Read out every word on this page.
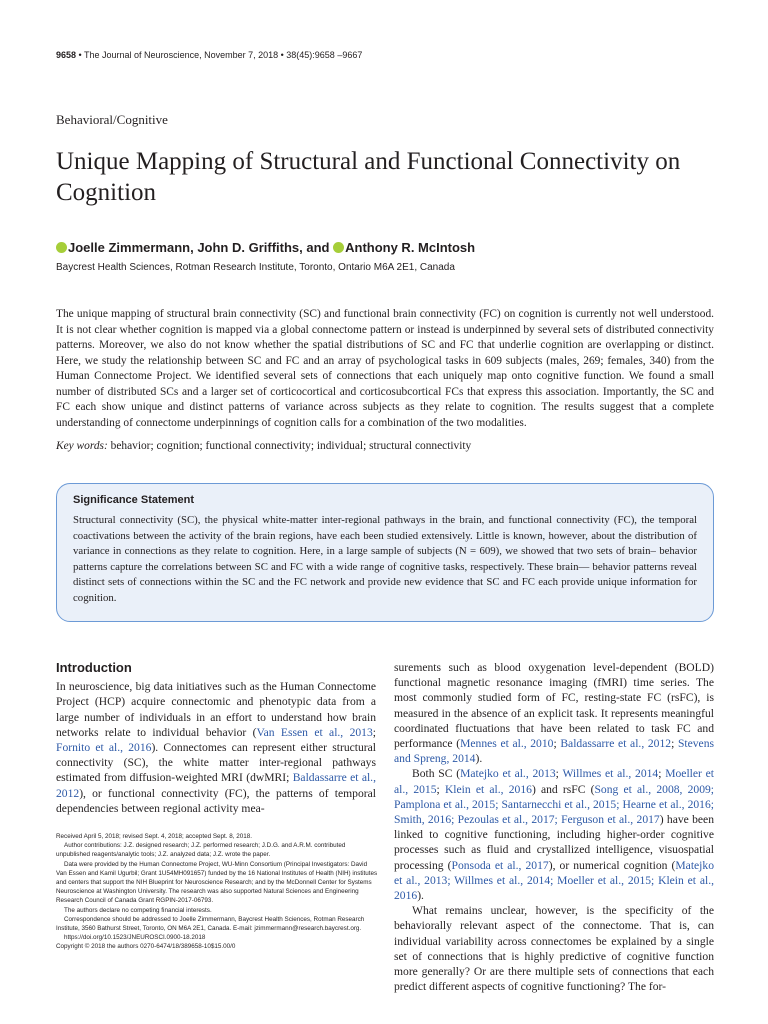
9658 • The Journal of Neuroscience, November 7, 2018 • 38(45):9658 –9667
Behavioral/Cognitive
Unique Mapping of Structural and Functional Connectivity on Cognition
Joelle Zimmermann, John D. Griffiths, and Anthony R. McIntosh
Baycrest Health Sciences, Rotman Research Institute, Toronto, Ontario M6A 2E1, Canada

The unique mapping of structural brain connectivity (SC) and functional brain connectivity (FC) on cognition is currently not well understood. It is not clear whether cognition is mapped via a global connectome pattern or instead is underpinned by several sets of distributed connectivity patterns. Moreover, we also do not know whether the spatial distributions of SC and FC that underlie cognition are overlapping or distinct. Here, we study the relationship between SC and FC and an array of psychological tasks in 609 subjects (males, 269; females, 340) from the Human Connectome Project. We identified several sets of connections that each uniquely map onto cognitive function. We found a small number of distributed SCs and a larger set of corticocortical and corticosubcortical FCs that express this association. Importantly, the SC and FC each show unique and distinct patterns of variance across subjects as they relate to cognition. The results suggest that a complete understanding of connectome underpinnings of cognition calls for a combination of the two modalities.

Key words: behavior; cognition; functional connectivity; individual; structural connectivity
Significance Statement

Structural connectivity (SC), the physical white-matter inter-regional pathways in the brain, and functional connectivity (FC), the temporal coactivations between the activity of the brain regions, have each been studied extensively. Little is known, however, about the distribution of variance in connections as they relate to cognition. Here, in a large sample of subjects (N = 609), we showed that two sets of brain– behavior patterns capture the correlations between SC and FC with a wide range of cognitive tasks, respectively. These brain— behavior patterns reveal distinct sets of connections within the SC and the FC network and provide new evidence that SC and FC each provide unique information for cognition.

Introduction

In neuroscience, big data initiatives such as the Human Connectome Project (HCP) acquire connectomic and phenotypic data from a large number of individuals in an effort to understand how brain networks relate to individual behavior (Van Essen et al., 2013; Fornito et al., 2016). Connectomes can represent either structural connectivity (SC), the white matter inter-regional pathways estimated from diffusion-weighted MRI (dwMRI; Baldassarre et al., 2012), or functional connectivity (FC), the patterns of temporal dependencies between regional activity mea-

surements such as blood oxygenation level-dependent (BOLD) functional magnetic resonance imaging (fMRI) time series. The most commonly studied form of FC, resting-state FC (rsFC), is measured in the absence of an explicit task. It represents meaningful coordinated fluctuations that have been related to task FC and performance (Mennes et al., 2010; Baldassarre et al., 2012; Stevens and Spreng, 2014).

Both SC (Matejko et al., 2013; Willmes et al., 2014; Moeller et al., 2015; Klein et al., 2016) and rsFC (Song et al., 2008, 2009; Pamplona et al., 2015; Santarnecchi et al., 2015; Hearne et al., 2016; Smith, 2016; Pezoulas et al., 2017; Ferguson et al., 2017) have been linked to cognitive functioning, including higher-order cognitive processes such as fluid and crystallized intelligence, visuospatial processing (Ponsoda et al., 2017), or numerical cognition (Matejko et al., 2013; Willmes et al., 2014; Moeller et al., 2015; Klein et al., 2016).

What remains unclear, however, is the specificity of the behaviorally relevant aspect of the connectome. That is, can individual variability across connectomes be explained by a single set of connections that is highly predictive of cognitive function more generally? Or are there multiple sets of connections that each predict different aspects of cognitive functioning? The for-

Received April 5, 2018; revised Sept. 4, 2018; accepted Sept. 8, 2018.

Author contributions: J.Z. designed research; J.Z. performed research; J.D.G. and A.R.M. contributed unpublished reagents/analytic tools; J.Z. analyzed data; J.Z. wrote the paper.

Data were provided by the Human Connectome Project, WU-Minn Consortium (Principal Investigators: David Van Essen and Kamil Ugurbil; Grant 1U54MH091657) funded by the 16 National Institutes of Health (NIH) institutes and centers that support the NIH Blueprint for Neuroscience Research; and by the McDonnell Center for Systems Neuroscience at Washington University. The research was also supported Natural Sciences and Engineering Research Council of Canada Grant RGPIN-2017-06793.

The authors declare no competing financial interests.

Correspondence should be addressed to Joelle Zimmermann, Baycrest Health Sciences, Rotman Research Institute, 3560 Bathurst Street, Toronto, ON M6A 2E1, Canada. E-mail: jzimmermann@research.baycrest.org.

https://doi.org/10.1523/JNEUROSCI.0900-18.2018

Copyright © 2018 the authors 0270-6474/18/389658-10$15.00/0
